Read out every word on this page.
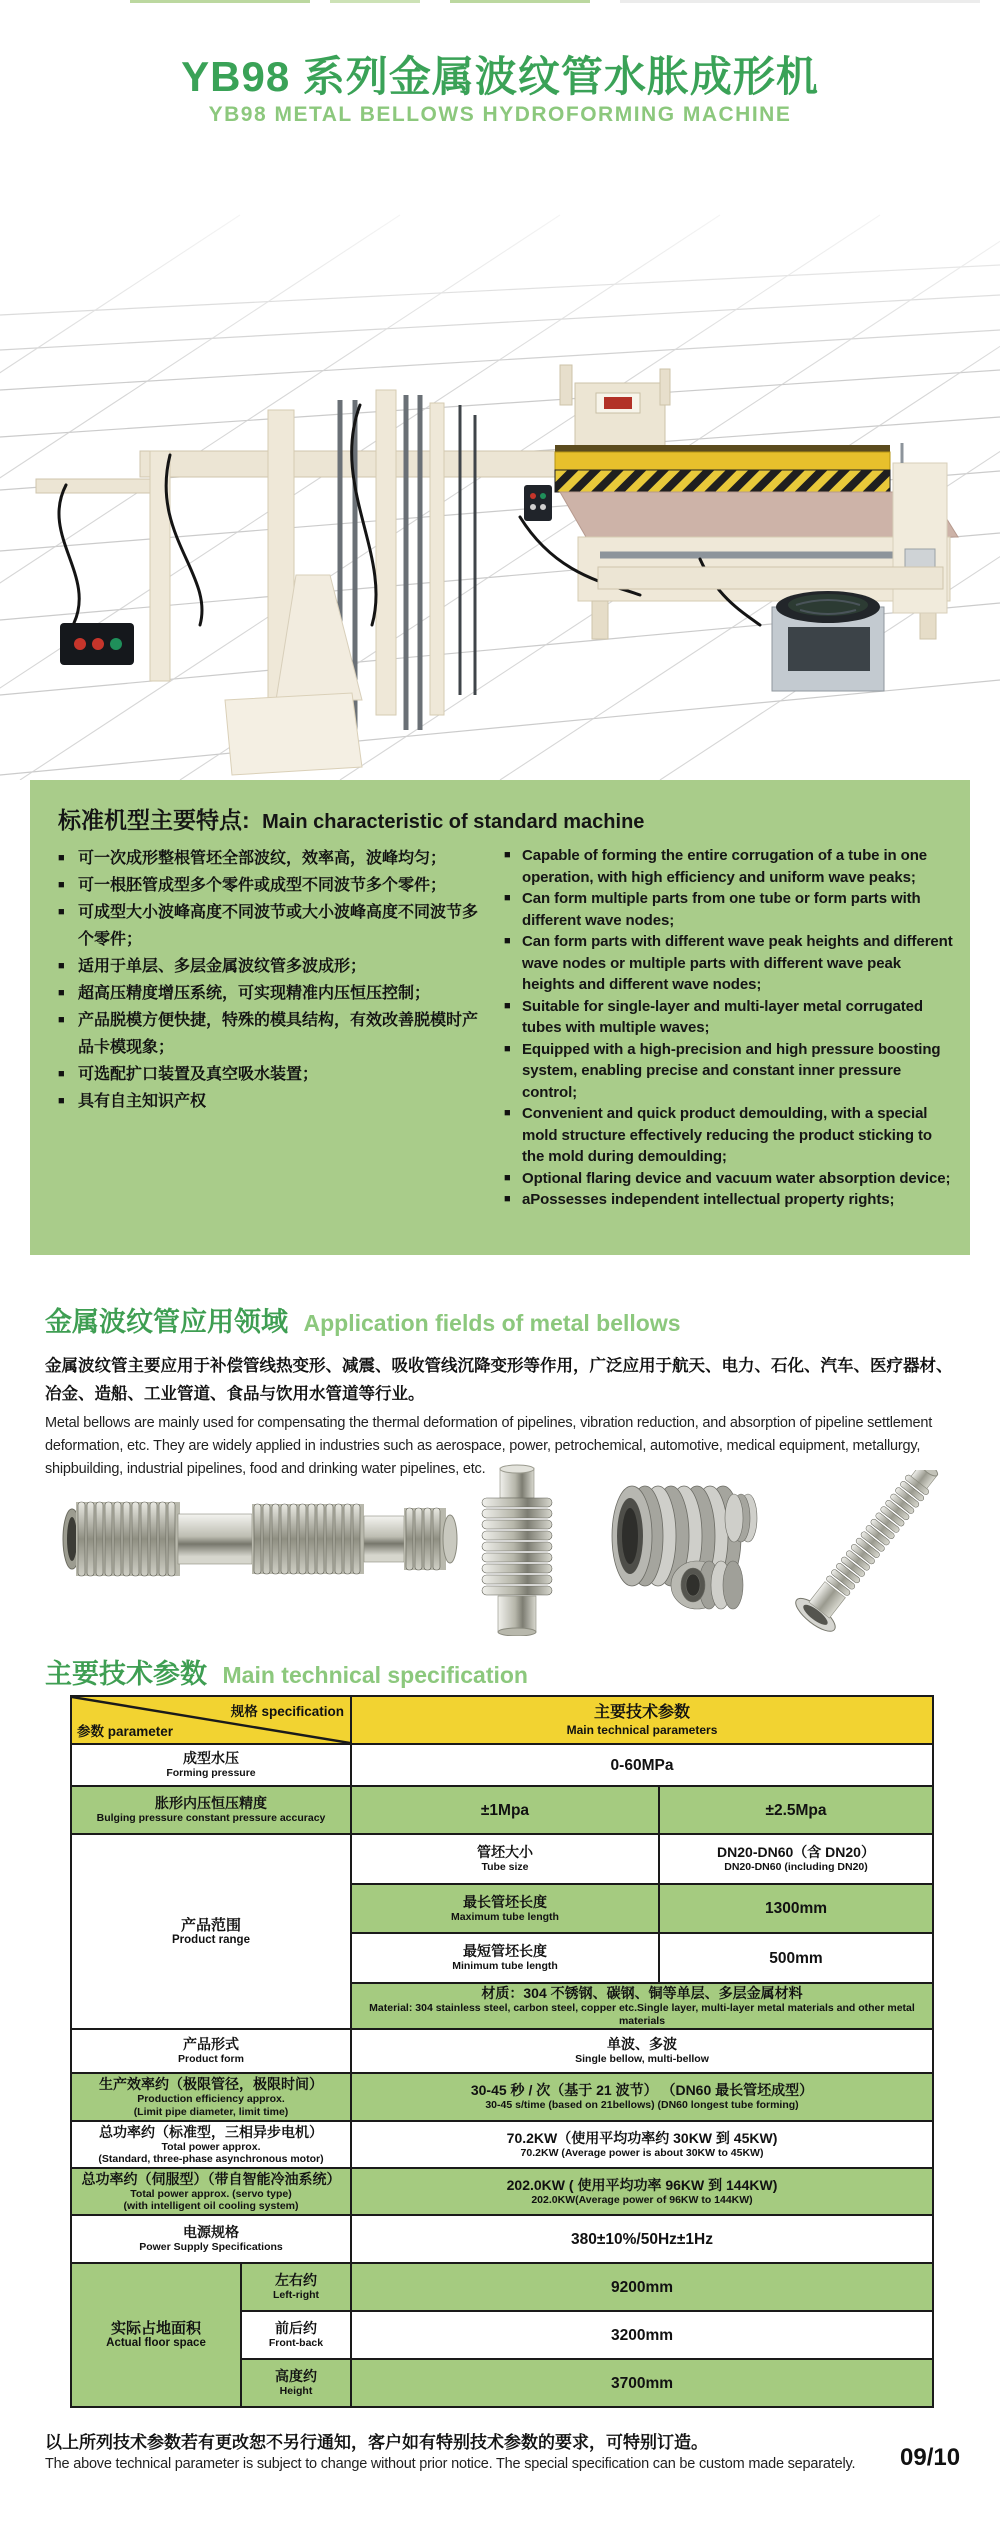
YB98 系列金属波纹管水胀成形机
YB98 METAL BELLOWS HYDROFORMING MACHINE
标准机型主要特点: Main characteristic of standard machine
■ 可一次成形整根管坯全部波纹，效率高，波峰均匀；
■ 可一根胚管成型多个零件或成型不同波节多个零件；
■ 可成型大小波峰高度不同波节或大小波峰高度不同波节多个零件；
■ 适用于单层、多层金属波纹管多波成形；
■ 超高压精度增压系统，可实现精准内压恒压控制；
■ 产品脱模方便快捷，特殊的模具结构，有效改善脱模时产品卡模现象；
■ 可选配扩口装置及真空吸水装置；
■ 具有自主知识产权
■ Capable of forming the entire corrugation of a tube in one operation, with high efficiency and uniform wave peaks;
■ Can form multiple parts from one tube or form parts with different wave nodes;
■ Can form parts with different wave peak heights and different wave nodes or multiple parts with different wave peak heights and different wave nodes;
■ Suitable for single-layer and multi-layer metal corrugated tubes with multiple waves;
■ Equipped with a high-precision and high pressure boosting system, enabling precise and constant inner pressure control;
■ Convenient and quick product demoulding, with a special mold structure effectively reducing the product sticking to the mold during demoulding;
■ Optional flaring device and vacuum water absorption device;
■ aPossesses independent intellectual property rights;
金属波纹管应用领域 Application fields of metal bellows
金属波纹管主要应用于补偿管线热变形、减震、吸收管线沉降变形等作用，广泛应用于航天、电力、石化、汽车、医疗器材、冶金、造船、工业管道、食品与饮用水管道等行业。
Metal bellows are mainly used for compensating the thermal deformation of pipelines, vibration reduction, and absorption of pipeline settlement deformation, etc. They are widely applied in industries such as aerospace, power, petrochemical, automotive, medical equipment, metallurgy, shipbuilding, industrial pipelines, food and drinking water pipelines, etc.
主要技术参数 Main technical specification
规格 specification
参数 parameter		主要技术参数
Main technical parameters	

成型水压
Forming pressure		0-60MPa	

胀形内压恒压精度
Bulging pressure constant pressure accuracy		±1Mpa	±2.5Mpa

产品范围
Product range		管坯大小
Tube size	DN20-DN60（含 DN20）
DN20-DN60 (including DN20)

		最长管坯长度
Maximum tube length	1300mm

		最短管坯长度
Minimum tube length	500mm

		材质：304 不锈钢、碳钢、铜等单层、多层金属材料
Material: 304 stainless steel, carbon steel, copper etc.Single layer, multi-layer metal materials and other metal materials	

产品形式
Product form		单波、多波
Single bellow, multi-bellow	

生产效率约（极限管径，极限时间）
Production efficiency approx.
(Limit pipe diameter, limit time)		30-45 秒 / 次（基于 21 波节） （DN60 最长管坯成型）
30-45 s/time (based on 21bellows) (DN60 longest tube forming)	

总功率约（标准型，三相异步电机）
Total power approx.
(Standard, three-phase asynchronous motor)		70.2KW（使用平均功率约 30KW 到 45KW)
70.2KW (Average power is about 30KW to 45KW)	

总功率约（伺服型）（带自智能冷油系统）
Total power approx. (servo type)
(with intelligent oil cooling system)		202.0KW ( 使用平均功率 96KW 到 144KW)
202.0KW(Average power of 96KW to 144KW)	

电源规格
Power Supply Specifications		380±10%/50Hz±1Hz	

实际占地面积
Actual floor space	左右约
Left-right	9200mm	

	前后约
Front-back	3200mm	

	高度约
Height	3700mm	
以上所列技术参数若有更改恕不另行通知，客户如有特别技术参数的要求，可特别订造。
The above technical parameter is subject to change without prior notice. The special specification can be custom made separately.	09/10
